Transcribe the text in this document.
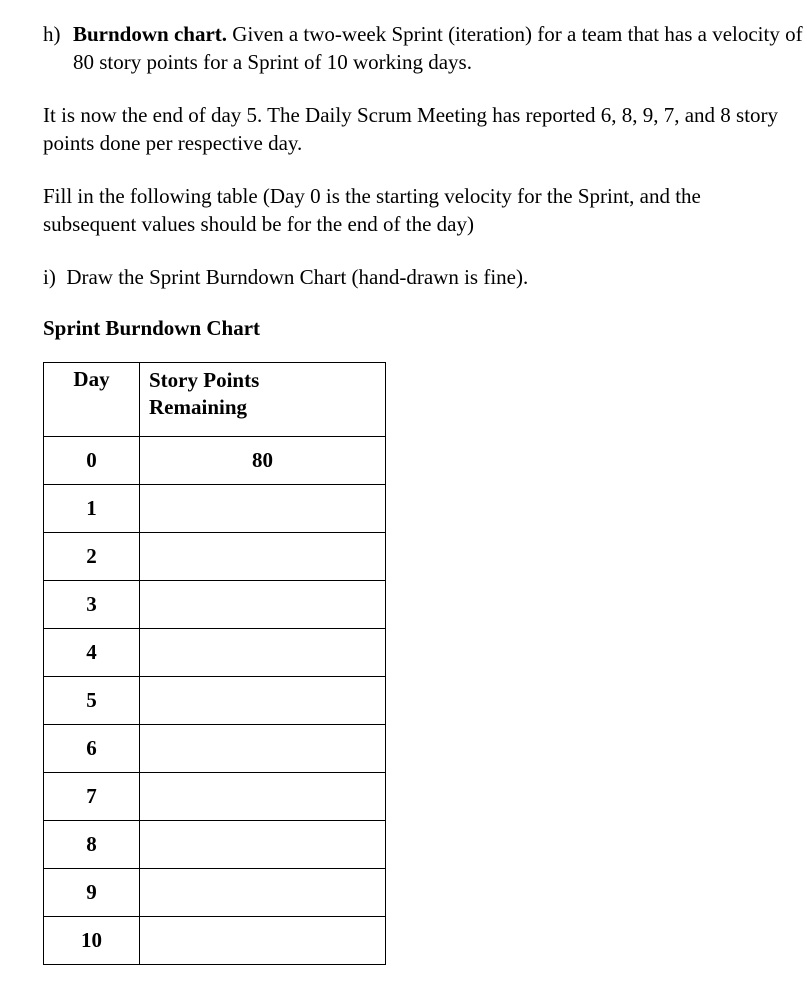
h) Burndown chart. Given a two-week Sprint (iteration) for a team that has a velocity of 80 story points for a Sprint of 10 working days.

It is now the end of day 5. The Daily Scrum Meeting has reported 6, 8, 9, 7, and 8 story points done per respective day.

Fill in the following table (Day 0 is the starting velocity for the Sprint, and the subsequent values should be for the end of the day)

i) Draw the Sprint Burndown Chart (hand-drawn is fine).

Sprint Burndown Chart

Day	Story Points
Remaining
0	80
1	
2	
3	
4	
5	
6	
7	
8	
9	
10	
